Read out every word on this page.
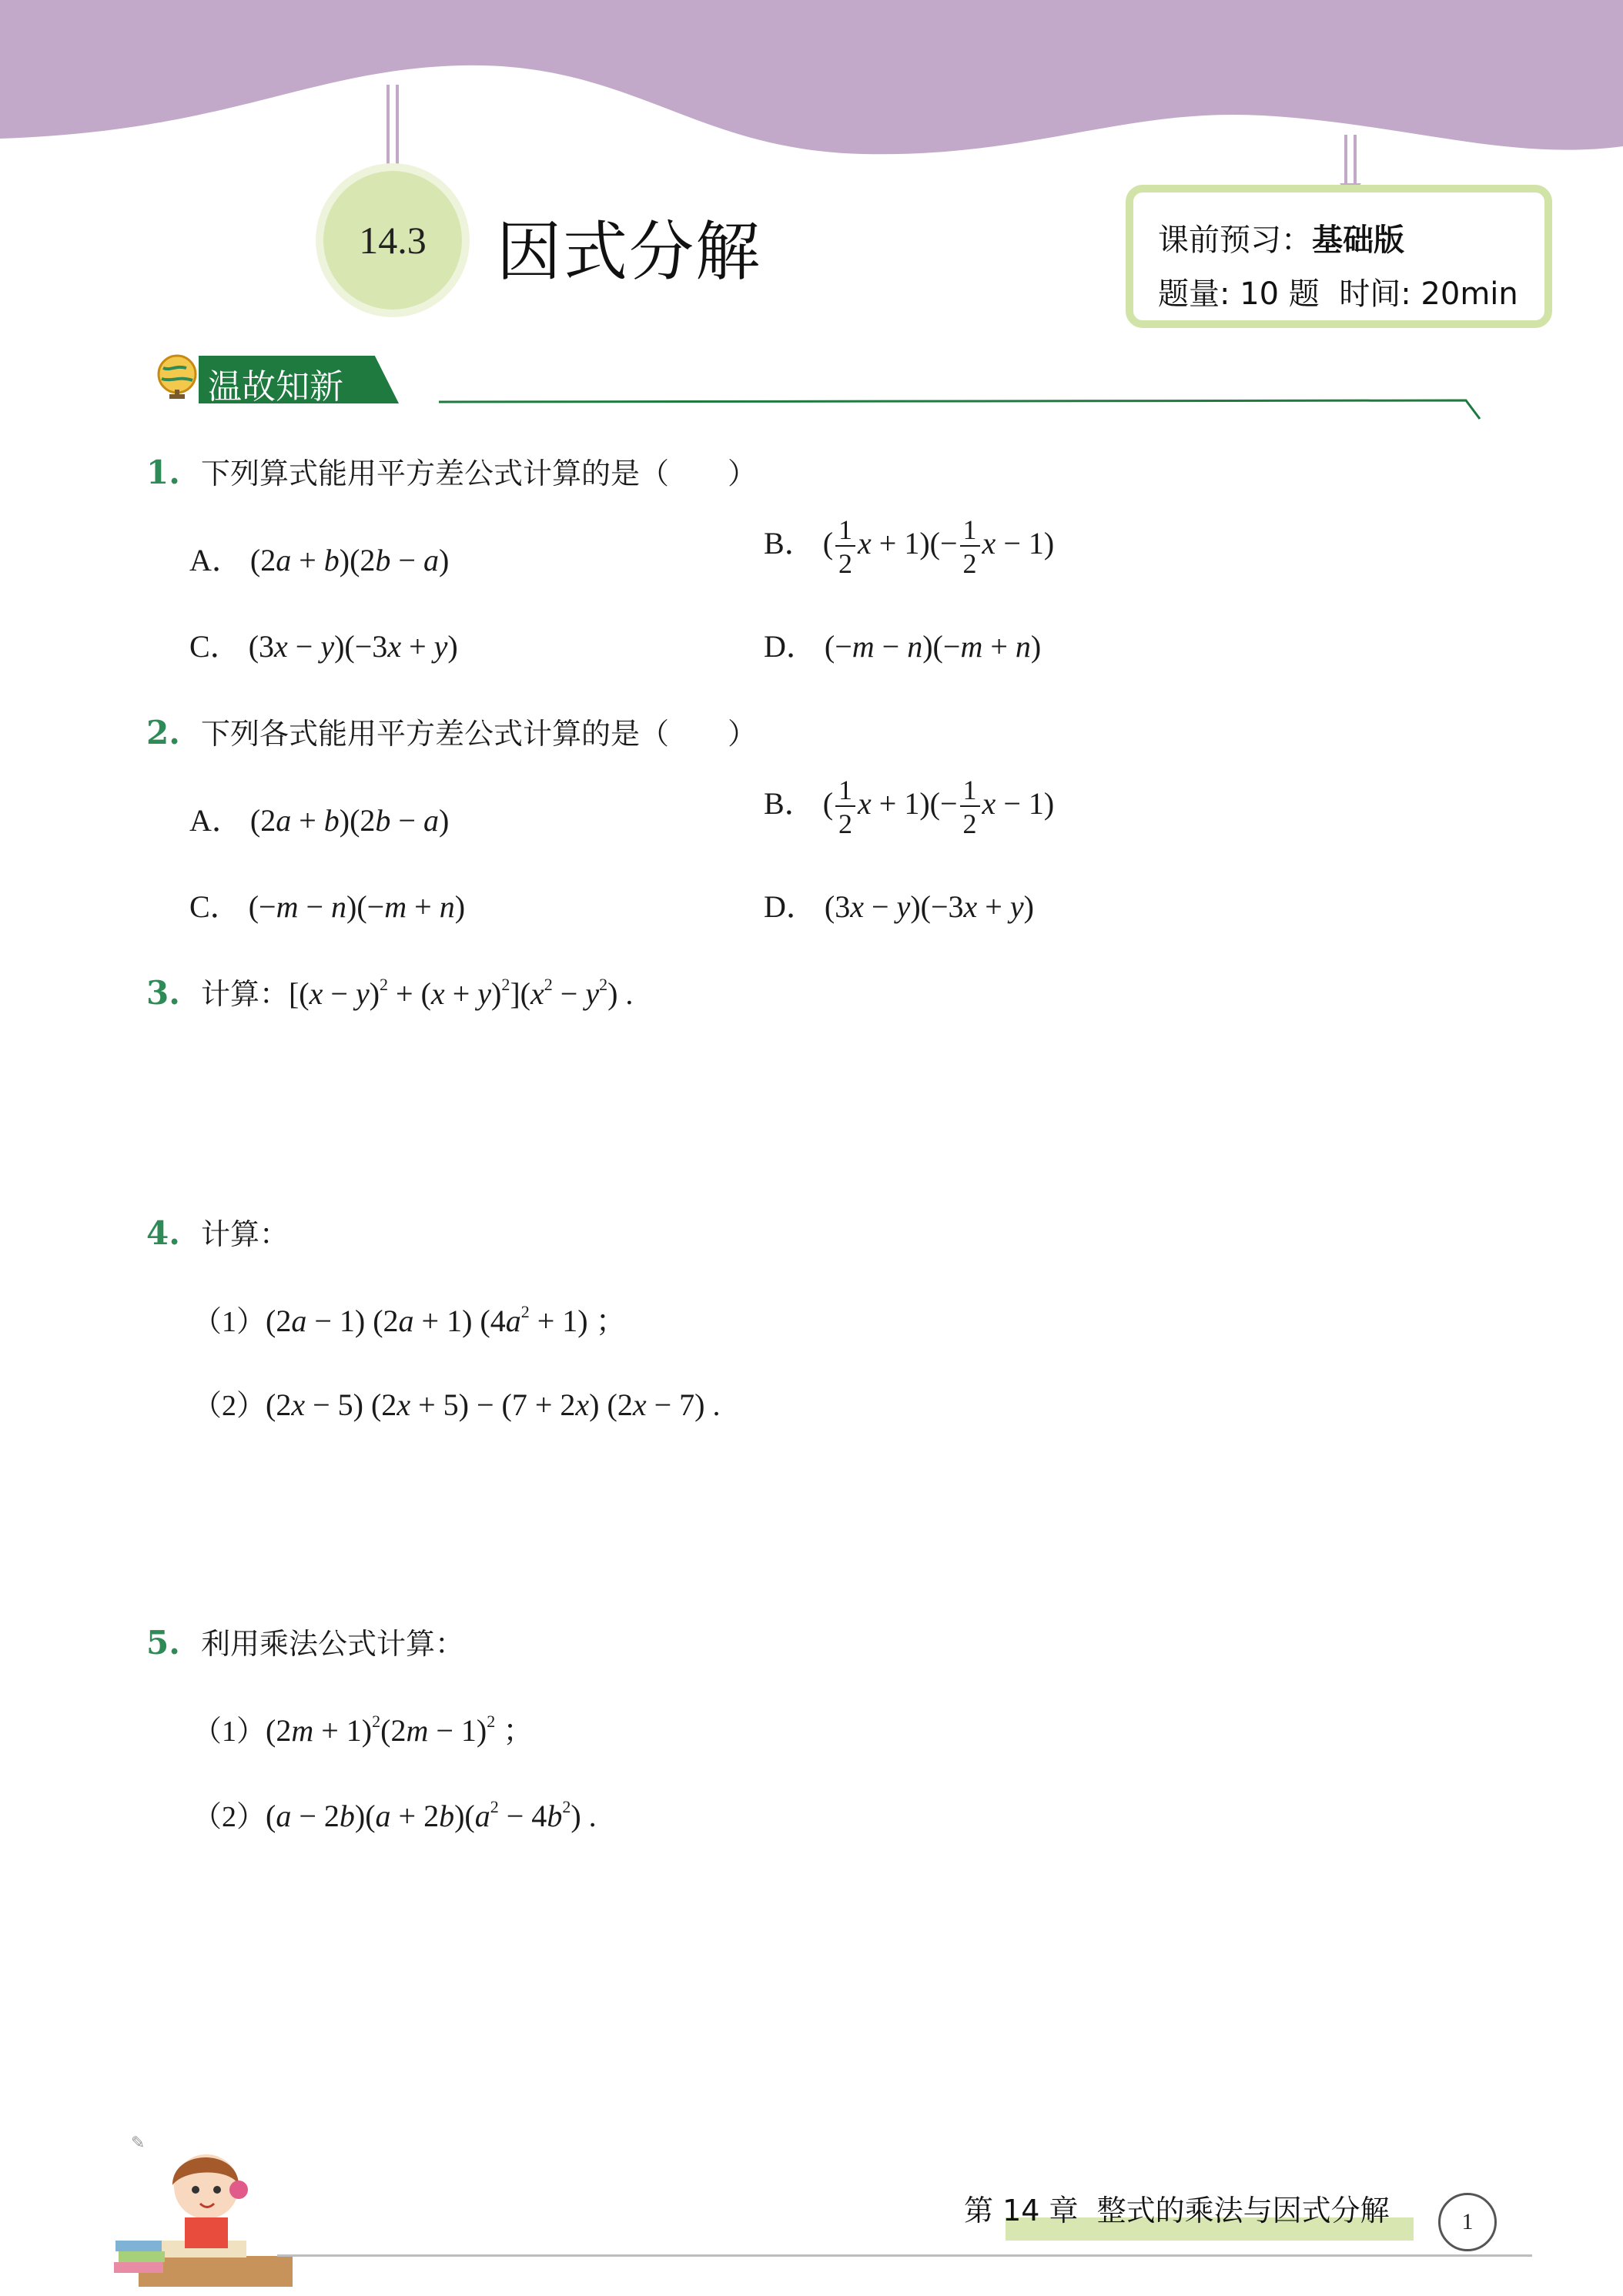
14.3 因式分解	课前预习：基础版
题量: 10 题  时间: 20min
温故知新
1. 下列算式能用平方差公式计算的是（　　）
A． (2a + b)(2b − a)	B． ( $\frac{1}{2}$ $x + 1)(- \frac{1}{2}$ x − 1)
C． (3x − y)(−3x + y)	D． (−m − n)(−m + n)
2. 下列各式能用平方差公式计算的是（　　）
A． (2a + b)(2b − a)	B． ( $\frac{1}{2}$ $x + 1)(- \frac{1}{2}$ x − 1)
C． (−m − n)(−m + n)	D． (3x − y)(−3x + y)
3. 计算：$[(x - y)^2 + (x + y)^2](x^2 - y^2)$ .
4. 计算：
（1）(2a − 1) (2a + 1) $(4a^2 + 1)$ ；
（2）(2x − 5) (2x + 5) − (7 + 2x) (2x − 7) .
5. 利用乘法公式计算：
$(1)(2m + 1)^2(2m - 1)^2$ ；
$(2)(a - 2b)(a + 2b)(a^2 - 4b^2)$ .
✎
第 14 章  整式的乘法与因式分解	1
